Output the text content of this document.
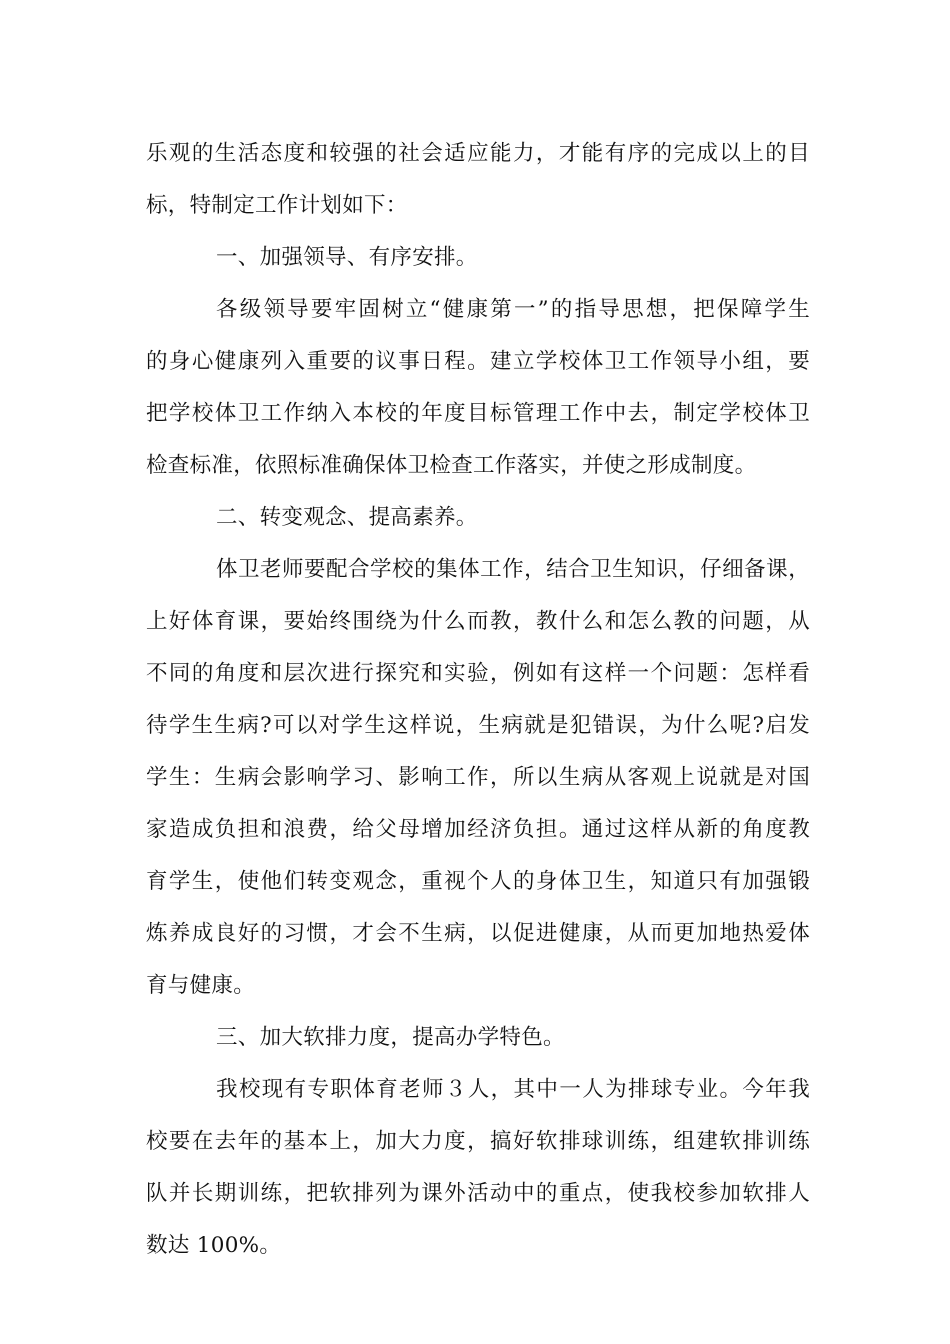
乐观的生活态度和较强的社会适应能力，才能有序的完成以上的目
标，特制定工作计划如下：
一、加强领导、有序安排。
各级领导要牢固树立“健康第一”的指导思想，把保障学生
的身心健康列入重要的议事日程。建立学校体卫工作领导小组，要
把学校体卫工作纳入本校的年度目标管理工作中去，制定学校体卫
检查标准，依照标准确保体卫检查工作落实，并使之形成制度。
二、转变观念、提高素养。
体卫老师要配合学校的集体工作，结合卫生知识，仔细备课，
上好体育课，要始终围绕为什么而教，教什么和怎么教的问题，从
不同的角度和层次进行探究和实验，例如有这样一个问题：怎样看
待学生生病?可以对学生这样说，生病就是犯错误，为什么呢?启发
学生：生病会影响学习、影响工作，所以生病从客观上说就是对国
家造成负担和浪费，给父母增加经济负担。通过这样从新的角度教
育学生，使他们转变观念，重视个人的身体卫生，知道只有加强锻
炼养成良好的习惯，才会不生病，以促进健康，从而更加地热爱体
育与健康。
三、加大软排力度，提高办学特色。
我校现有专职体育老师３人，其中一人为排球专业。今年我
校要在去年的基本上，加大力度，搞好软排球训练，组建软排训练
队并长期训练，把软排列为课外活动中的重点，使我校参加软排人
数达 100%。
